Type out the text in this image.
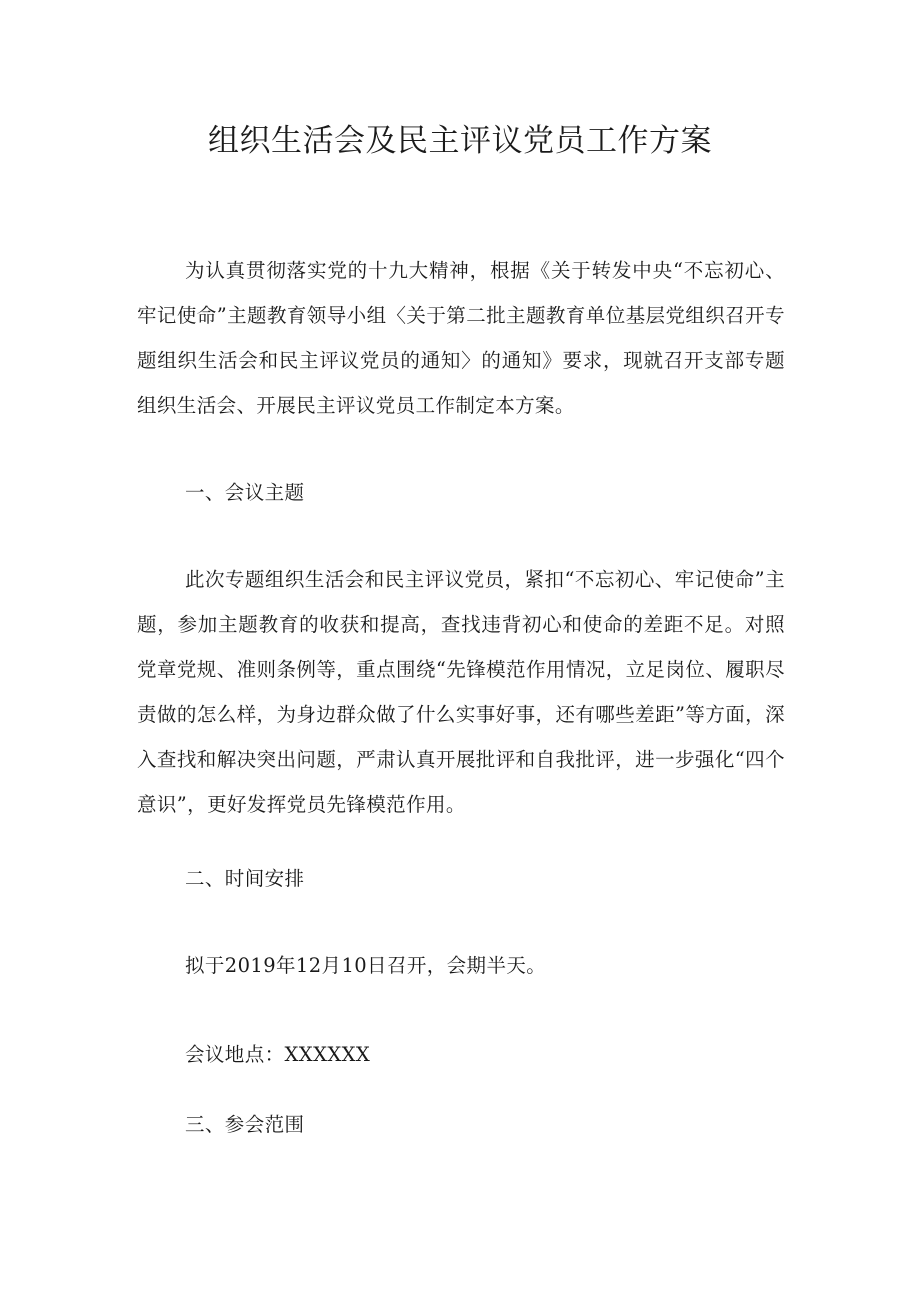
组织生活会及民主评议党员工作方案

为认真贯彻落实党的十九大精神，根据《关于转发中央“不忘初心、牢记使命”主题教育领导小组〈关于第二批主题教育单位基层党组织召开专题组织生活会和民主评议党员的通知〉的通知》要求，现就召开支部专题组织生活会、开展民主评议党员工作制定本方案。

一、会议主题

此次专题组织生活会和民主评议党员，紧扣“不忘初心、牢记使命”主题，参加主题教育的收获和提高，查找违背初心和使命的差距不足。对照党章党规、准则条例等，重点围绕“先锋模范作用情况，立足岗位、履职尽责做的怎么样，为身边群众做了什么实事好事，还有哪些差距”等方面，深入查找和解决突出问题，严肃认真开展批评和自我批评，进一步强化“四个意识”，更好发挥党员先锋模范作用。

二、时间安排

拟于2019年12月10日召开，会期半天。

会议地点：XXXXXX

三、参会范围
